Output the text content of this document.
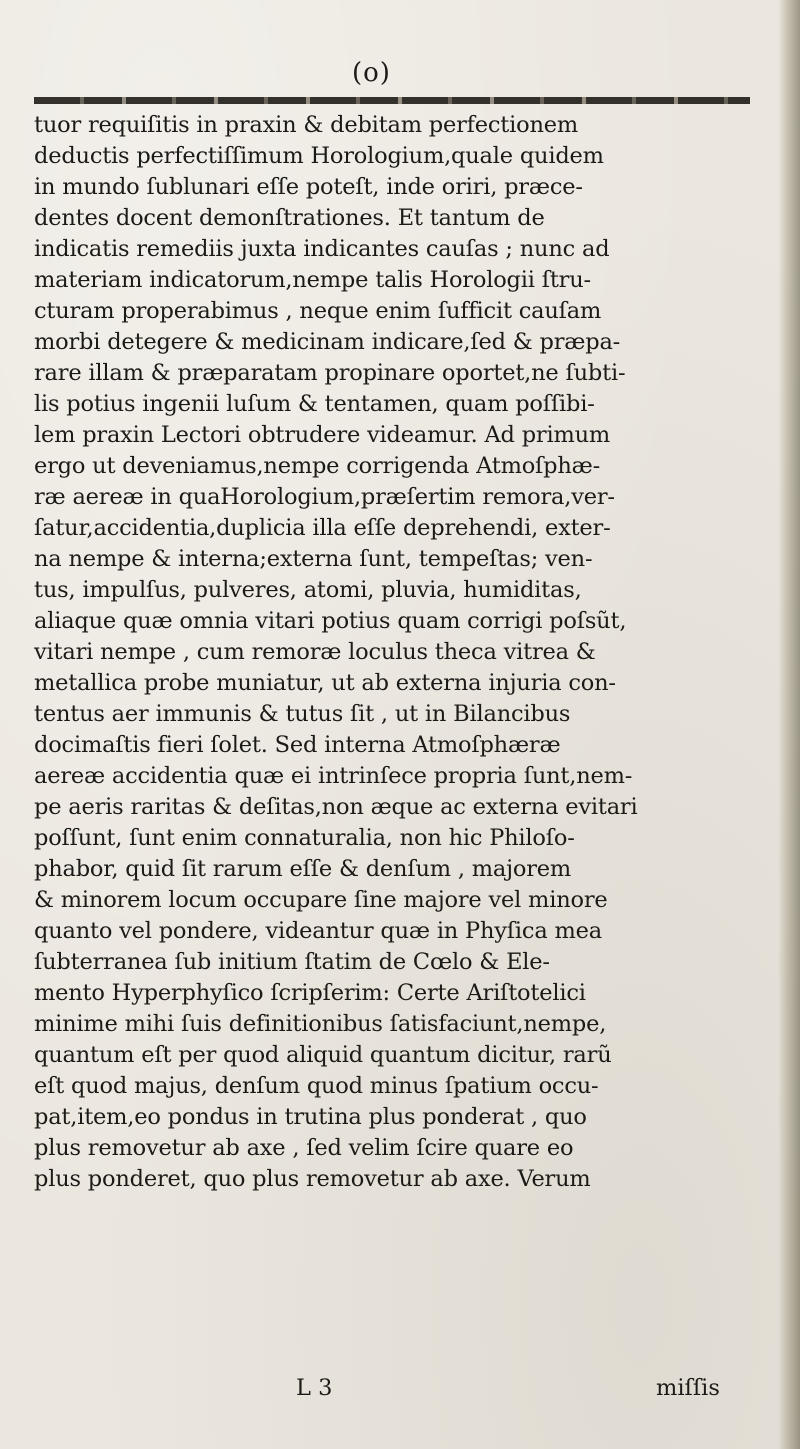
(o)
tuor requiſitis in praxin & debitam perfectionem
deductis perfectiſſimum Horologium,quale quidem
in mundo ſublunari eſſe poteſt, inde oriri, præce-
dentes docent demonſtrationes. Et tantum de
indicatis remediis juxta indicantes cauſas ; nunc ad
materiam indicatorum,nempe talis Horologii ſtru-
cturam properabimus , neque enim ſufficit cauſam
morbi detegere & medicinam indicare,ſed & præpa-
rare illam & præparatam propinare oportet,ne ſubti-
lis potius ingenii luſum & tentamen, quam poſſibi-
lem praxin Lectori obtrudere videamur. Ad primum
ergo ut deveniamus,nempe corrigenda Atmoſphæ-
ræ aereæ in quaHorologium,præſertim remora,ver-
ſatur,accidentia,duplicia illa eſſe deprehendi, exter-
na nempe & interna;externa ſunt, tempeſtas; ven-
tus, impulſus, pulveres, atomi, pluvia, humiditas,
aliaque quæ omnia vitari potius quam corrigi poſsũt,
vitari nempe , cum remoræ loculus theca vitrea &
metallica probe muniatur, ut ab externa injuria con-
tentus aer immunis & tutus ſit , ut in Bilancibus
docimaſtis fieri ſolet. Sed interna Atmoſphæræ
aereæ accidentia quæ ei intrinſece propria ſunt,nem-
pe aeris raritas & deſitas,non æque ac externa evitari
poſſunt, ſunt enim connaturalia, non hic Philoſo-
phabor, quid ſit rarum eſſe & denſum , majorem
& minorem locum occupare ſine majore vel minore
quanto vel pondere, videantur quæ in Phyſica mea
ſubterranea ſub initium ſtatim de Cœlo & Ele-
mento Hyperphyſico ſcripſerim: Certe Ariſtotelici
minime mihi ſuis definitionibus ſatisfaciunt,nempe,
quantum eſt per quod aliquid quantum dicitur, rarũ
eſt quod majus, denſum quod minus ſpatium occu-
pat,item,eo pondus in trutina plus ponderat , quo
plus removetur ab axe , ſed velim ſcire quare eo
plus ponderet, quo plus removetur ab axe. Verum
L 3	miſſis
